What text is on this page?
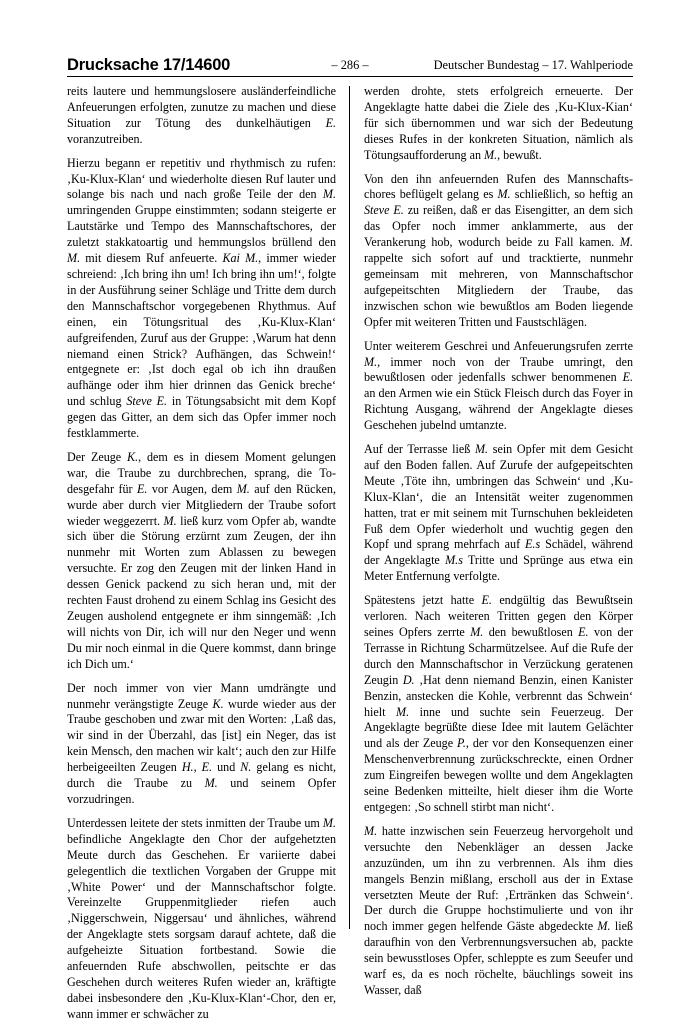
Drucksache 17/14600	– 286 –	Deutscher Bundestag – 17. Wahlperiode

reits lautere und hemmungslosere ausländerfeindliche Anfeuerungen erfolgten, zunutze zu machen und diese Situation zur Tötung des dunkelhäutigen E. voranzutreiben.

Hierzu begann er repetitiv und rhythmisch zu rufen: ‚Ku-Klux-Klan‘ und wiederholte diesen Ruf lauter und solange bis nach und nach große Teile der den M. umringenden Gruppe einstimmten; sodann steigerte er Lautstärke und Tempo des Mannschaftschores, der zuletzt stakkatoartig und hemmungslos brüllend den M. mit diesem Ruf anfeuerte. Kai M., immer wieder schreiend: ‚Ich bring ihn um! Ich bring ihn um!‘, folgte in der Ausführung seiner Schläge und Tritte dem durch den Mannschaftschor vorgegebenen Rhythmus. Auf einen, ein Tötungsritual des ‚Ku-Klux-Klan‘ aufgreifenden, Zuruf aus der Gruppe: ‚Warum hat denn niemand einen Strick? Aufhängen, das Schwein!‘ entgegnete er: ‚Ist doch egal ob ich ihn draußen aufhänge oder ihm hier drinnen das Genick breche‘ und schlug Steve E. in Tötungsabsicht mit dem Kopf gegen das Gitter, an dem sich das Opfer immer noch festklammerte.

Der Zeuge K., dem es in diesem Moment gelungen war, die Traube zu durchbrechen, sprang, die Todesgefahr für E. vor Augen, dem M. auf den Rücken, wurde aber durch vier Mitgliedern der Traube sofort wieder weggezerrt. M. ließ kurz vom Opfer ab, wandte sich über die Störung erzürnt zum Zeugen, der ihn nunmehr mit Worten zum Ablassen zu bewegen versuchte. Er zog den Zeugen mit der linken Hand in dessen Genick packend zu sich heran und, mit der rechten Faust drohend zu einem Schlag ins Gesicht des Zeugen ausholend entgegnete er ihm sinngemäß: ‚Ich will nichts von Dir, ich will nur den Neger und wenn Du mir noch einmal in die Quere kommst, dann bringe ich Dich um.‘

Der noch immer von vier Mann umdrängte und nunmehr verängstigte Zeuge K. wurde wieder aus der Traube geschoben und zwar mit den Worten: ‚Laß das, wir sind in der Überzahl, das [ist] ein Neger, das ist kein Mensch, den machen wir kalt‘; auch den zur Hilfe herbeigeeilten Zeugen H., E. und N. gelang es nicht, durch die Traube zu M. und seinem Opfer vorzudringen.

Unterdessen leitete der stets inmitten der Traube um M. befindliche Angeklagte den Chor der aufgehetzten Meute durch das Geschehen. Er variierte dabei gelegentlich die textlichen Vorgaben der Gruppe mit ‚White Power‘ und der Mannschaftschor folgte. Vereinzelte Gruppenmitglieder riefen auch ‚Niggerschwein, Niggersau‘ und ähnliches, während der Angeklagte stets sorgsam darauf achtete, daß die aufgeheizte Situation fortbestand. Sowie die anfeuernden Rufe abschwollen, peitschte er das Geschehen durch weiteres Rufen wieder an, kräftigte dabei insbesondere den ‚Ku-Klux-Klan‘-Chor, den er, wann immer er schwächer zu

werden drohte, stets erfolgreich erneuerte. Der Angeklagte hatte dabei die Ziele des ‚Ku-Klux-Kian‘ für sich übernommen und war sich der Bedeutung dieses Rufes in der konkreten Situation, nämlich als Tötungsaufforderung an M., bewußt.

Von den ihn anfeuernden Rufen des Mannschaftschores beflügelt gelang es M. schließlich, so heftig an Steve E. zu reißen, daß er das Eisengitter, an dem sich das Opfer noch immer anklammerte, aus der Verankerung hob, wodurch beide zu Fall kamen. M. rappelte sich sofort auf und tracktierte, nunmehr gemeinsam mit mehreren, von Mannschaftschor aufgepeitschten Mitgliedern der Traube, das inzwischen schon wie bewußtlos am Boden liegende Opfer mit weiteren Tritten und Faustschlägen.

Unter weiterem Geschrei und Anfeuerungsrufen zerrte M., immer noch von der Traube umringt, den bewußtlosen oder jedenfalls schwer benommenen E. an den Armen wie ein Stück Fleisch durch das Foyer in Richtung Ausgang, während der Angeklagte dieses Geschehen jubelnd umtanzte.

Auf der Terrasse ließ M. sein Opfer mit dem Gesicht auf den Boden fallen. Auf Zurufe der aufgepeitschten Meute ‚Töte ihn, umbringen das Schwein‘ und ‚Ku-Klux-Klan‘, die an Intensität weiter zugenommen hatten, trat er mit seinem mit Turnschuhen bekleideten Fuß dem Opfer wiederholt und wuchtig gegen den Kopf und sprang mehrfach auf E.s Schädel, während der Angeklagte M.s Tritte und Sprünge aus etwa ein Meter Entfernung verfolgte.

Spätestens jetzt hatte E. endgültig das Bewußtsein verloren. Nach weiteren Tritten gegen den Körper seines Opfers zerrte M. den bewußtlosen E. von der Terrasse in Richtung Scharmützelsee. Auf die Rufe der durch den Mannschaftschor in Verzückung geratenen Zeugin D. ‚Hat denn niemand Benzin, einen Kanister Benzin, anstecken die Kohle, verbrennt das Schwein‘ hielt M. inne und suchte sein Feuerzeug. Der Angeklagte begrüßte diese Idee mit lautem Gelächter und als der Zeuge P., der vor den Konsequenzen einer Menschenverbrennung zurückschreckte, einen Ordner zum Eingreifen bewegen wollte und dem Angeklagten seine Bedenken mitteilte, hielt dieser ihm die Worte entgegen: ‚So schnell stirbt man nicht‘.

M. hatte inzwischen sein Feuerzeug hervorgeholt und versuchte den Nebenkläger an dessen Jacke anzuzünden, um ihn zu verbrennen. Als ihm dies mangels Benzin mißlang, erscholl aus der in Extase versetzten Meute der Ruf: ‚Ertränken das Schwein‘. Der durch die Gruppe hochstimulierte und von ihr noch immer gegen helfende Gäste abgedeckte M. ließ daraufhin von den Verbrennungsversuchen ab, packte sein bewusstloses Opfer, schleppte es zum Seeufer und warf es, da es noch röchelte, bäuchlings soweit ins Wasser, daß
